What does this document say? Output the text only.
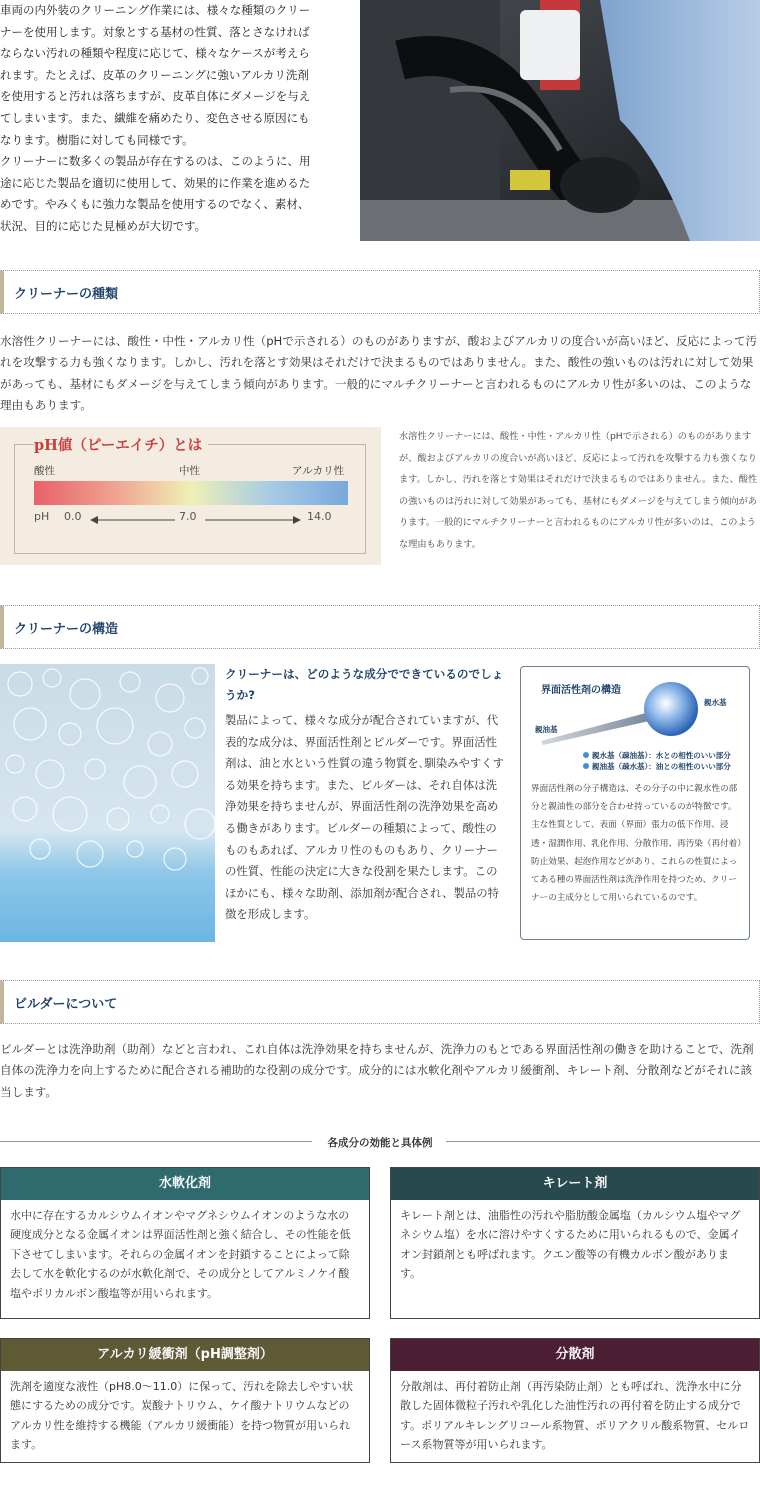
車両の内外装のクリーニング作業には、様々な種類のクリー
ナーを使用します。対象とする基材の性質、落とさなければ
ならない汚れの種類や程度に応じて、様々なケースが考えら
れます。たとえば、皮革のクリーニングに強いアルカリ洗剤
を使用すると汚れは落ちますが、皮革自体にダメージを与え
てしまいます。また、繊維を痛めたり、変色させる原因にも
なります。樹脂に対しても同様です。
クリーナーに数多くの製品が存在するのは、このように、用
途に応じた製品を適切に使用して、効果的に作業を進めるた
めです。やみくもに強力な製品を使用するのでなく、素材、
状況、目的に応じた見極めが大切です。
クリーナーの種類
水溶性クリーナーには、酸性・中性・アルカリ性（pHで示される）のものがありますが、酸およびアルカリの度合いが高いほど、反応によって汚れを攻撃する力も強くなります。しかし、汚れを落とす効果はそれだけで決まるものではありません。また、酸性の強いものは汚れに対して効果があっても、基材にもダメージを与えてしまう傾向があります。一般的にマルチクリーナーと言われるものにアルカリ性が多いのは、このような理由もあります。
pH値（ピーエイチ）とは
酸性	中性	アルカリ性
pH 0.0	7.0	14.0
水溶性クリーナーには、酸性・中性・アルカリ性（pHで示される）のものがありますが、酸およびアルカリの度合いが高いほど、反応によって汚れを攻撃する力も強くなります。しかし、汚れを落とす効果はそれだけで決まるものではありません。また、酸性の強いものは汚れに対して効果があっても、基材にもダメージを与えてしまう傾向があります。一般的にマルチクリーナーと言われるものにアルカリ性が多いのは、このような理由もあります。
クリーナーの構造
クリーナーは、どのような成分でできているのでしょうか?
製品によって、様々な成分が配合されていますが、代表的な成分は、界面活性剤とビルダーです。界面活性剤は、油と水という性質の違う物質を､馴染みやすくする効果を持ちます。また、ビルダーは、それ自体は洗浄効果を持ちませんが、界面活性剤の洗浄効果を高める働きがあります。ビルダーの種類によって、酸性のものもあれば、アルカリ性のものもあり、クリーナーの性質、性能の決定に大きな役割を果たします。このほかにも、様々な助剤、添加剤が配合され、製品の特徴を形成します。
界面活性剤の構造
親水基
親油基
親水基（疎油基）：水との相性のいい部分
親油基（疎水基）：油との相性のいい部分
界面活性剤の分子構造は、その分子の中に親水性の部分と親油性の部分を合わせ持っているのが特徴です。主な性質として、表面（界面）張力の低下作用、浸透・湿潤作用、乳化作用、分散作用、再汚染（再付着）防止効果、起泡作用などがあり、これらの性質によってある種の界面活性剤は洗浄作用を持つため、クリーナーの主成分として用いられているのです。
ビルダーについて
ビルダーとは洗浄助剤（助剤）などと言われ、これ自体は洗浄効果を持ちませんが、洗浄力のもとである界面活性剤の働きを助けることで、洗剤自体の洗浄力を向上するために配合される補助的な役割の成分です。成分的には水軟化剤やアルカリ緩衝剤、キレート剤、分散剤などがそれに該当します。
各成分の効能と具体例
水軟化剤
水中に存在するカルシウムイオンやマグネシウムイオンのような水の硬度成分となる金属イオンは界面活性剤と強く結合し、その性能を低下させてしまいます。それらの金属イオンを封鎖することによって除去して水を軟化するのが水軟化剤で、その成分としてアルミノケイ酸塩やポリカルボン酸塩等が用いられます。
キレート剤
キレート剤とは、油脂性の汚れや脂肪酸金属塩（カルシウム塩やマグネシウム塩）を水に溶けやすくするために用いられるもので、金属イオン封鎖剤とも呼ばれます。クエン酸等の有機カルボン酸があります。
アルカリ緩衝剤（pH調整剤）
洗剤を適度な液性（pH8.0〜11.0）に保って、汚れを除去しやすい状態にするための成分です。炭酸ナトリウム、ケイ酸ナトリウムなどのアルカリ性を維持する機能（アルカリ緩衝能）を持つ物質が用いられます。
分散剤
分散剤は、再付着防止剤（再汚染防止剤）とも呼ばれ、洗浄水中に分散した固体微粒子汚れや乳化した油性汚れの再付着を防止する成分です。ポリアルキレングリコール系物質、ポリアクリル酸系物質、セルロース系物質等が用いられます。
